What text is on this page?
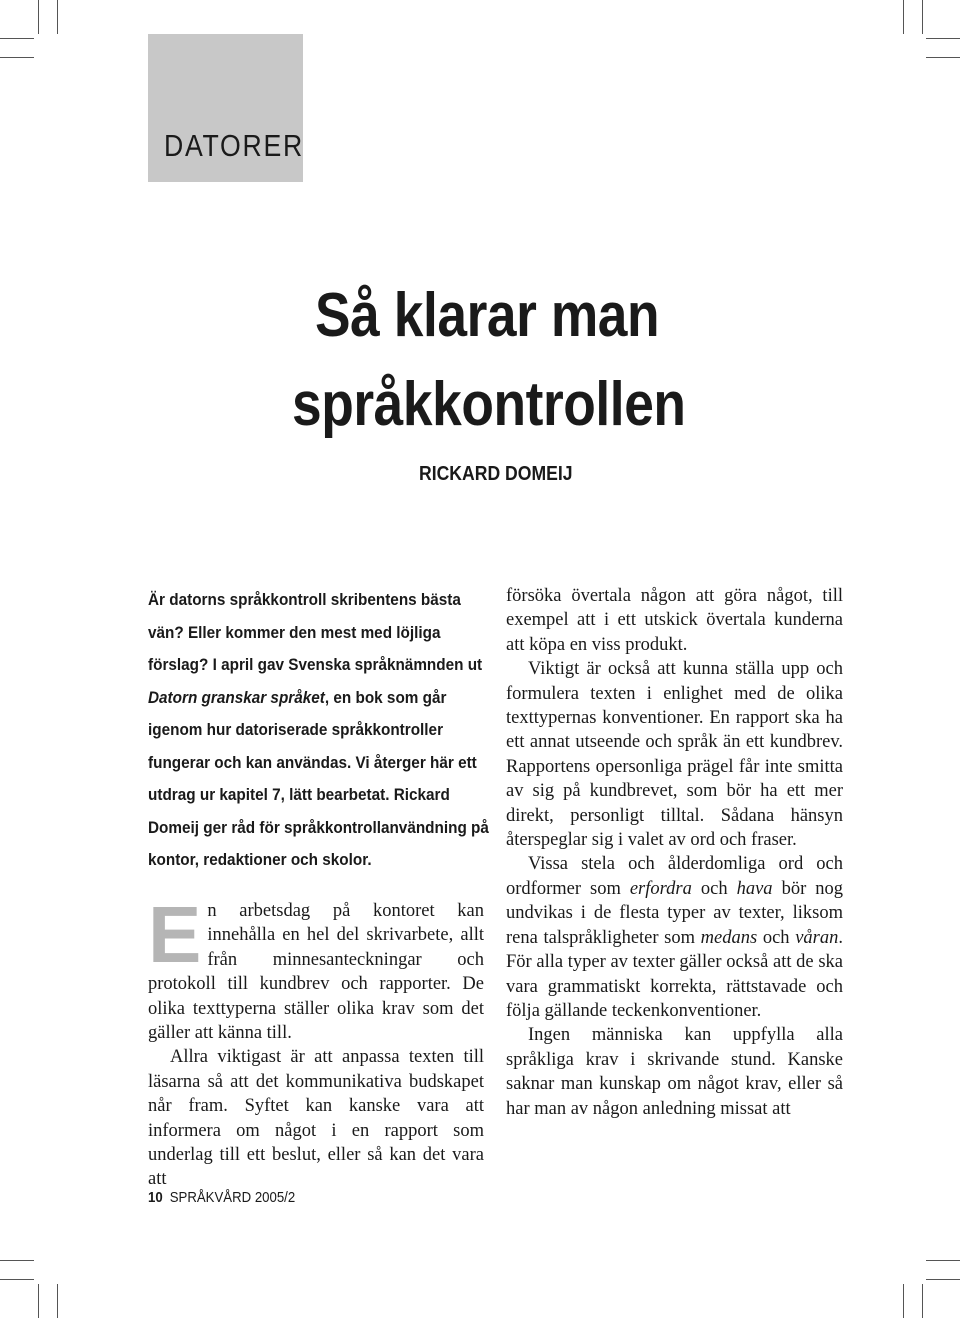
DATORER
Så klarar man
språkkontrollen
RICKARD DOMEIJ

Är datorns språkkontroll skribentens bästa vän? Eller kommer den mest med löjliga förslag? I april gav Svenska språknämnden ut Datorn granskar språket, en bok som går igenom hur datoriserade språkkontroller fungerar och kan användas. Vi återger här ett utdrag ur kapitel 7, lätt bearbetat. Rickard Domeij ger råd för språkkontrollanvändning på kontor, redaktioner och skolor.

En arbetsdag på kontoret kan innehålla en hel del skrivarbete, allt från minnesanteckningar och protokoll till kundbrev och rapporter. De olika texttyperna ställer olika krav som det gäller att känna till.

Allra viktigast är att anpassa texten till läsarna så att det kommunikativa budskapet når fram. Syftet kan kanske vara att informera om något i en rapport som underlag till ett beslut, eller så kan det vara att

försöka övertala någon att göra något, till exempel att i ett utskick övertala kunderna att köpa en viss produkt.

Viktigt är också att kunna ställa upp och formulera texten i enlighet med de olika texttypernas konventioner. En rapport ska ha ett annat utseende och språk än ett kundbrev. Rapportens opersonliga prägel får inte smitta av sig på kundbrevet, som bör ha ett mer direkt, personligt tilltal. Sådana hänsyn återspeglar sig i valet av ord och fraser.

Vissa stela och ålderdomliga ord och ordformer som erfordra och hava bör nog undvikas i de flesta typer av texter, liksom rena talspråkligheter som medans och våran. För alla typer av texter gäller också att de ska vara grammatiskt korrekta, rättstavade och följa gällande teckenkonventioner.

Ingen människa kan uppfylla alla språkliga krav i skrivande stund. Kanske saknar man kunskap om något krav, eller så har man av någon anledning missat att

10 SPRÅKVÅRD 2005/2
